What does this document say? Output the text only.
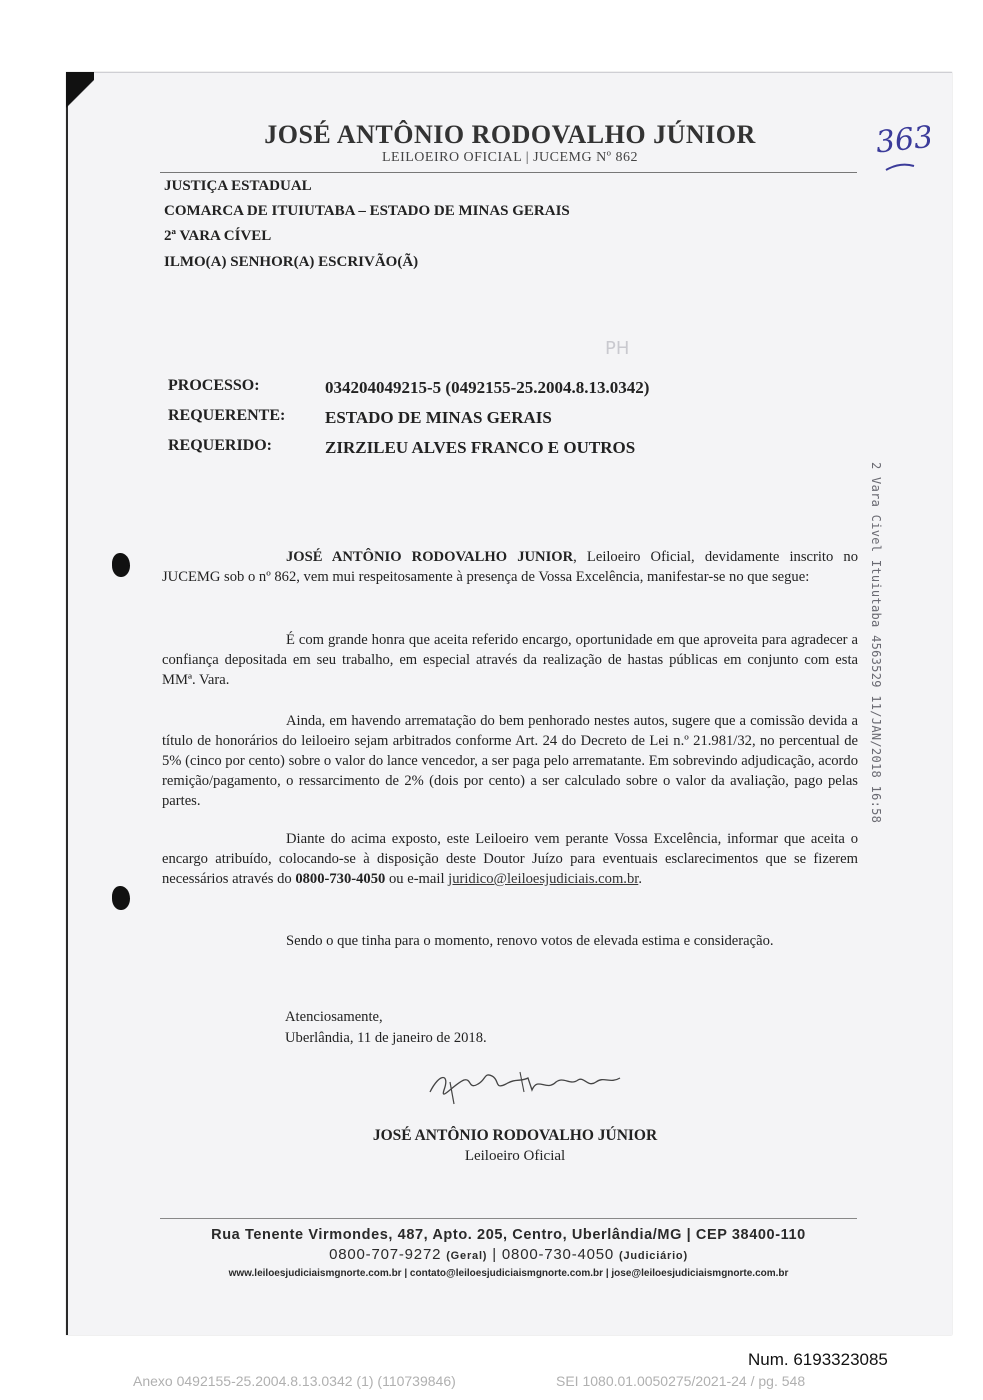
JOSÉ ANTÔNIO RODOVALHO JÚNIOR
LEILOEIRO OFICIAL | JUCEMG Nº 862	363
JUSTIÇA ESTADUAL
COMARCA DE ITUIUTABA – ESTADO DE MINAS GERAIS
2ª VARA CÍVEL
ILMO(A) SENHOR(A) ESCRIVÃO(Ã)
PH
PROCESSO:	034204049215-5 (0492155-25.2004.8.13.0342)
REQUERENTE: ESTADO DE MINAS GERAIS
REQUERIDO:	ZIRZILEU ALVES FRANCO E OUTROS
2 Vara Civel Ituiutaba 4563529 11/JAN/2018 16:58
JOSÉ ANTÔNIO RODOVALHO JUNIOR, Leiloeiro Oficial, devidamente inscrito no JUCEMG sob o nº 862, vem mui respeitosamente à presença de Vossa Excelência, manifestar-se no que segue:
É com grande honra que aceita referido encargo, oportunidade em que aproveita para agradecer a confiança depositada em seu trabalho, em especial através da realização de hastas públicas em conjunto com esta MMª. Vara.
Ainda, em havendo arrematação do bem penhorado nestes autos, sugere que a comissão devida a título de honorários do leiloeiro sejam arbitrados conforme Art. 24 do Decreto de Lei n.º 21.981/32, no percentual de 5% (cinco por cento) sobre o valor do lance vencedor, a ser paga pelo arrematante. Em sobrevindo adjudicação, acordo remição/pagamento, o ressarcimento de 2% (dois por cento) a ser calculado sobre o valor da avaliação, pago pelas partes.
Diante do acima exposto, este Leiloeiro vem perante Vossa Excelência, informar que aceita o encargo atribuído, colocando-se à disposição deste Doutor Juízo para eventuais esclarecimentos que se fizerem necessários através do 0800-730-4050 ou e-mail juridico@leiloesjudiciais.com.br.
Sendo o que tinha para o momento, renovo votos de elevada estima e consideração.
Atenciosamente,
Uberlândia, 11 de janeiro de 2018.
JOSÉ ANTÔNIO RODOVALHO JÚNIOR
Leiloeiro Oficial
Rua Tenente Virmondes, 487, Apto. 205, Centro, Uberlândia/MG | CEP 38400-110
0800-707-9272 (Geral) | 0800-730-4050 (Judiciário)
www.leiloesjudiciaismgnorte.com.br | contato@leiloesjudiciaismgnorte.com.br | jose@leiloesjudiciaismgnorte.com.br
Num. 6193323085
Anexo 0492155-25.2004.8.13.0342 (1) (110739846)	SEI 1080.01.0050275/2021-24 / pg. 548
